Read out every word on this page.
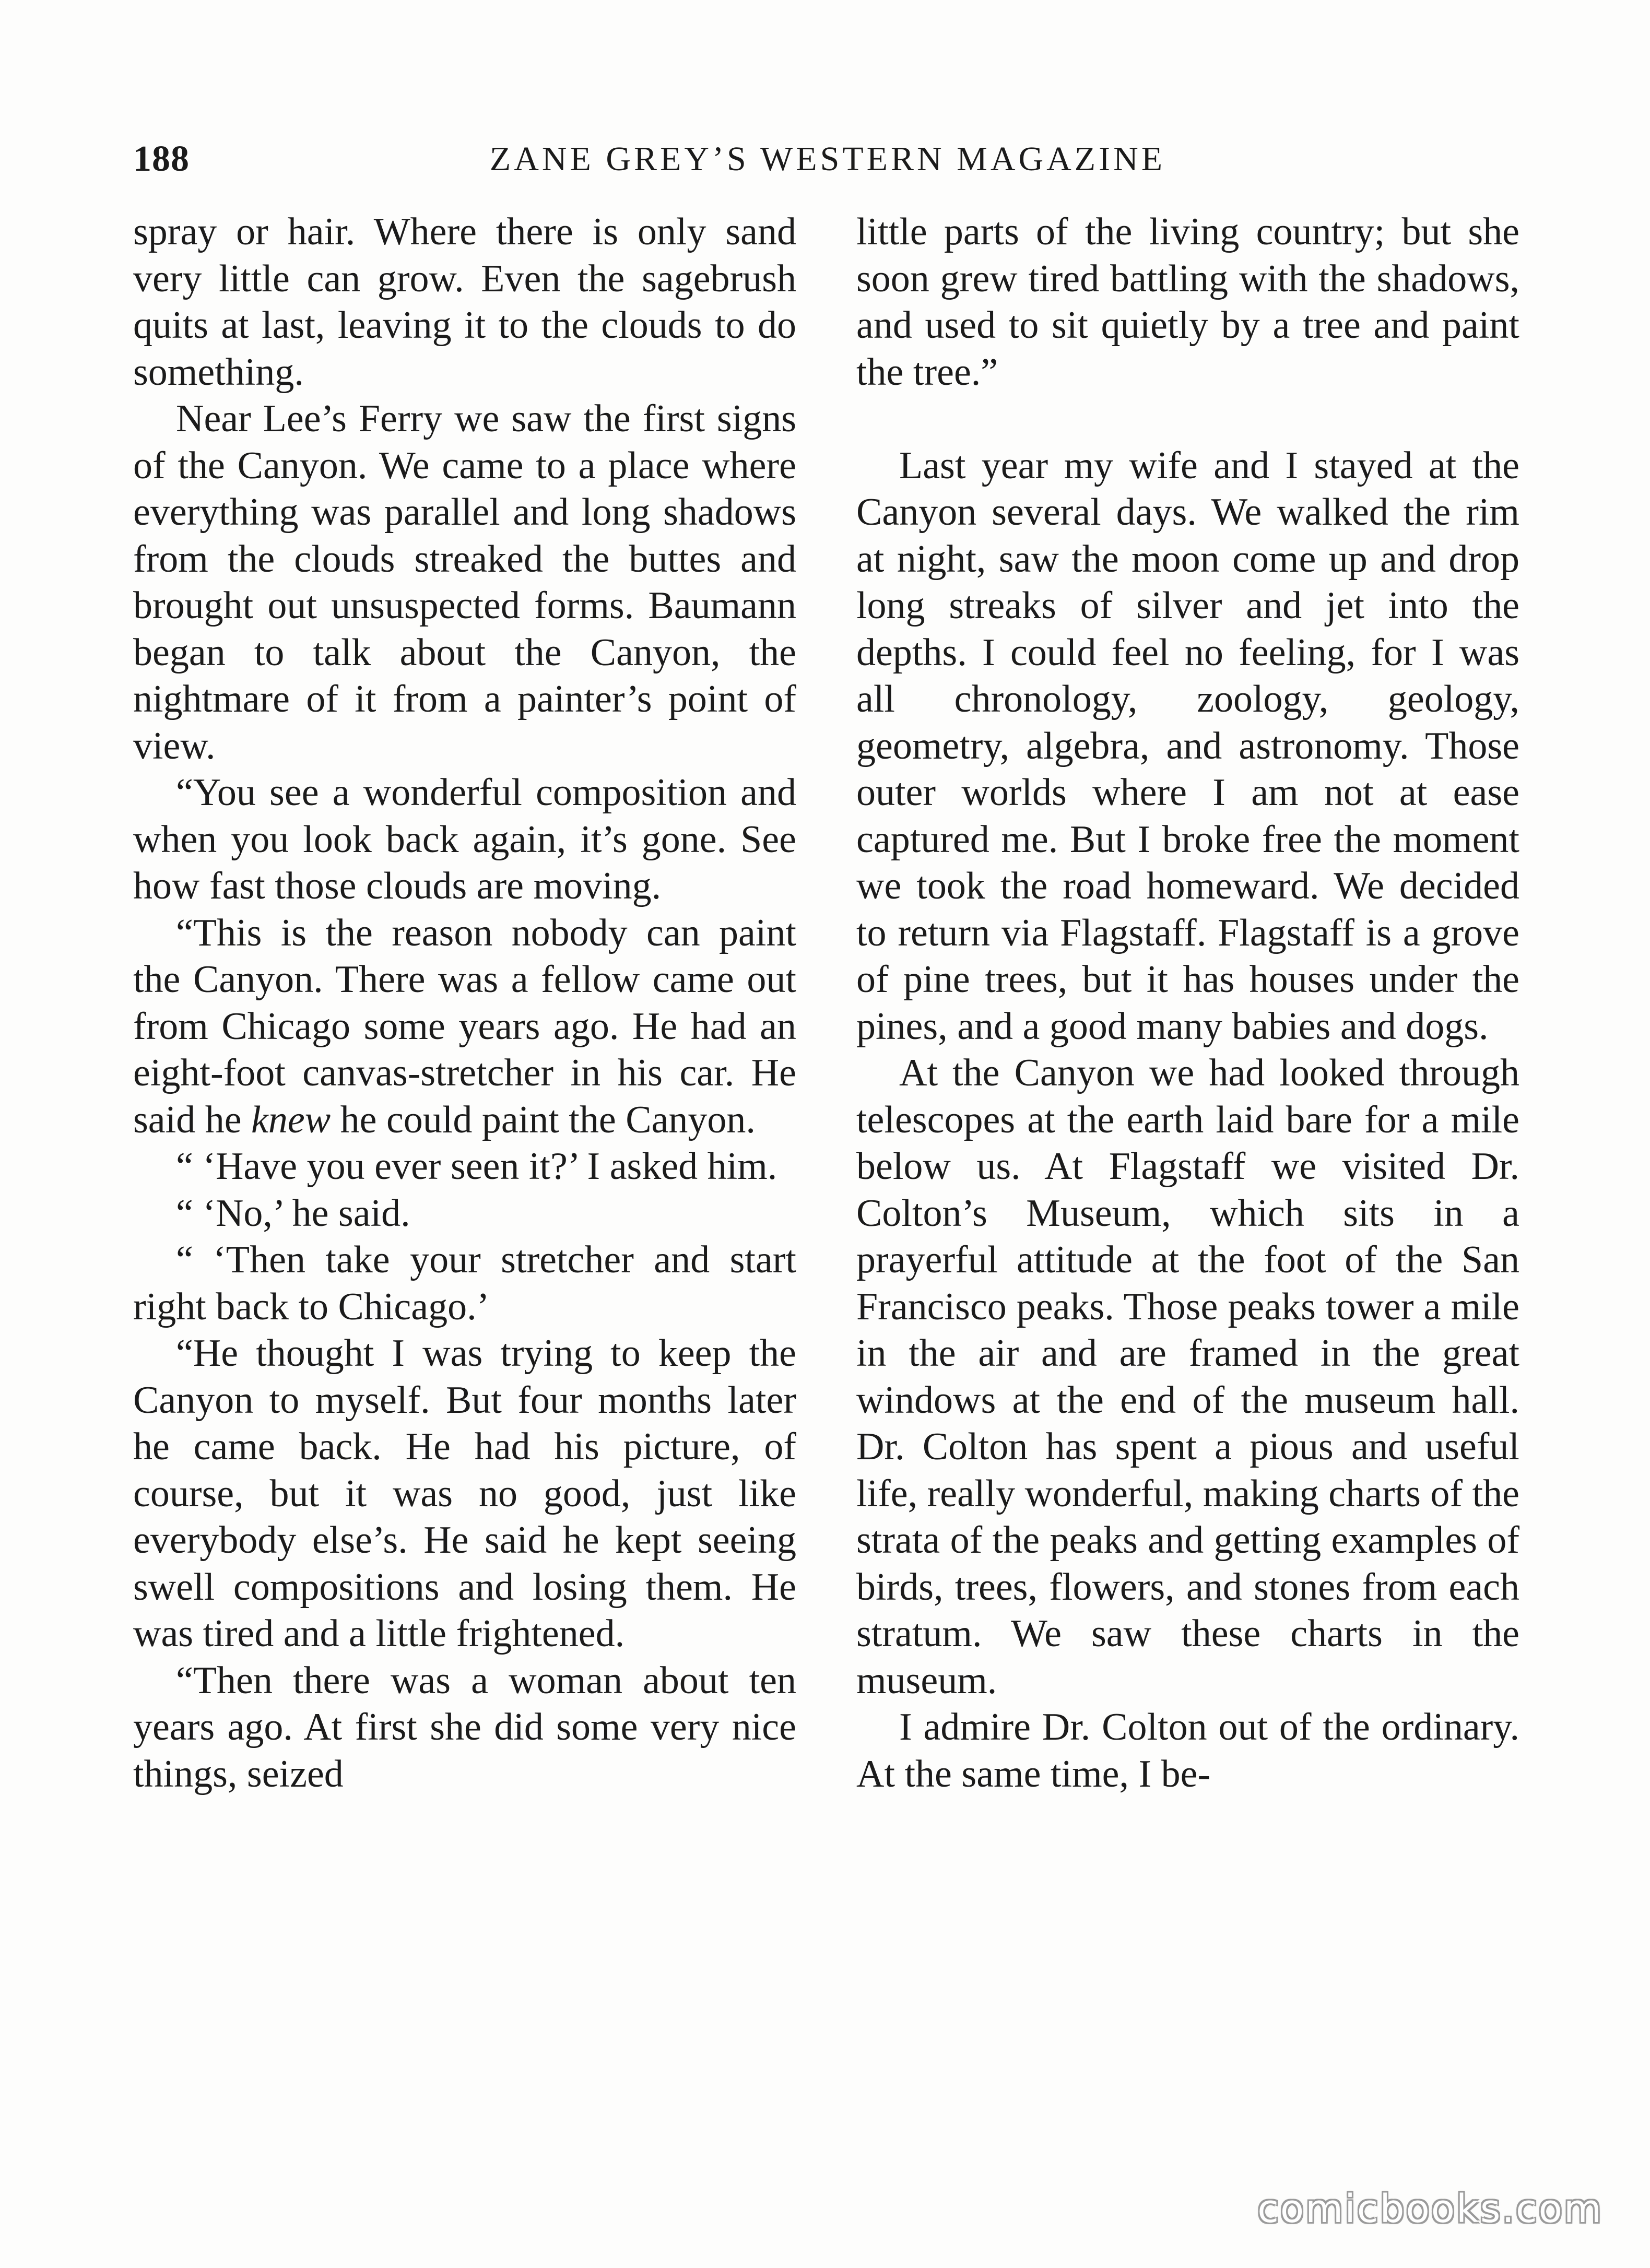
188	ZANE GREY’S WESTERN MAGAZINE

spray or hair. Where there is only sand very little can grow. Even the sagebrush quits at last, leaving it to the clouds to do something.

Near Lee’s Ferry we saw the first signs of the Canyon. We came to a place where everything was parallel and long shadows from the clouds streaked the buttes and brought out unsuspected forms. Baumann began to talk about the Canyon, the nightmare of it from a painter’s point of view.

“You see a wonderful composition and when you look back again, it’s gone. See how fast those clouds are moving.

“This is the reason nobody can paint the Canyon. There was a fellow came out from Chicago some years ago. He had an eight-foot canvas-stretcher in his car. He said he knew he could paint the Canyon.

“ ‘Have you ever seen it?’ I asked him.

“ ‘No,’ he said.

“ ‘Then take your stretcher and start right back to Chicago.’

“He thought I was trying to keep the Canyon to myself. But four months later he came back. He had his picture, of course, but it was no good, just like everybody else’s. He said he kept seeing swell compositions and losing them. He was tired and a little frightened.

“Then there was a woman about ten years ago. At first she did some very nice things, seized

little parts of the living country; but she soon grew tired battling with the shadows, and used to sit quietly by a tree and paint the tree.”

Last year my wife and I stayed at the Canyon several days. We walked the rim at night, saw the moon come up and drop long streaks of silver and jet into the depths. I could feel no feeling, for I was all chronology, zoology, geology, geometry, algebra, and astronomy. Those outer worlds where I am not at ease captured me. But I broke free the moment we took the road homeward. We decided to return via Flagstaff. Flagstaff is a grove of pine trees, but it has houses under the pines, and a good many babies and dogs.

At the Canyon we had looked through telescopes at the earth laid bare for a mile below us. At Flagstaff we visited Dr. Colton’s Museum, which sits in a prayerful attitude at the foot of the San Francisco peaks. Those peaks tower a mile in the air and are framed in the great windows at the end of the museum hall. Dr. Colton has spent a pious and useful life, really wonderful, making charts of the strata of the peaks and getting examples of birds, trees, flowers, and stones from each stratum. We saw these charts in the museum.

I admire Dr. Colton out of the ordinary. At the same time, I be-

comicbooks.com
